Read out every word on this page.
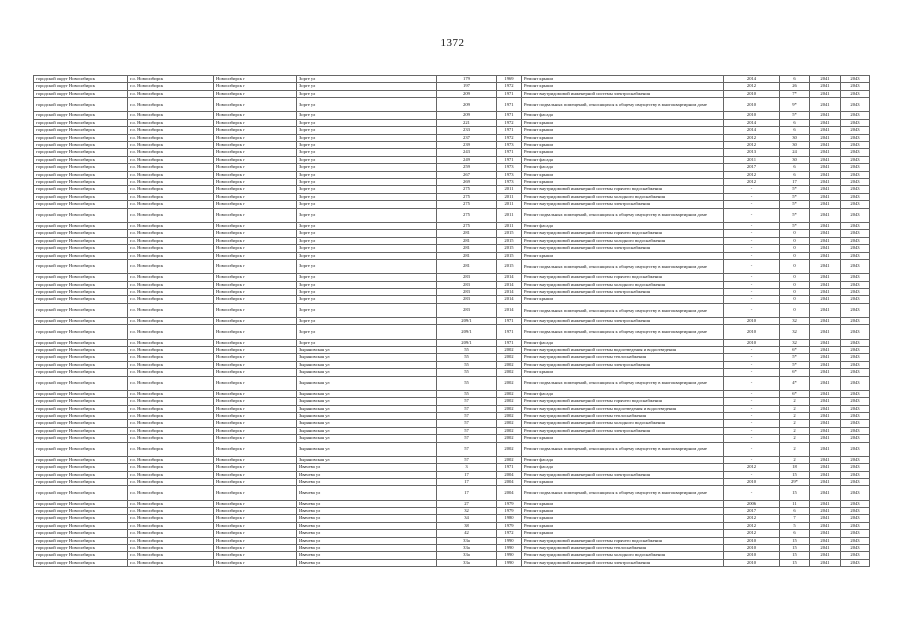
1372
городской округ Новосибирск	г.о. Новосибирск	Новосибирск г	Зорге ул	179	1969	Ремонт крыши	2014	6	2041	2043
городской округ Новосибирск	г.о. Новосибирск	Новосибирск г	Зорге ул	197	1972	Ремонт крыши	2012	26	2041	2043
городской округ Новосибирск	г.о. Новосибирск	Новосибирск г	Зорге ул	209	1971	Ремонт внутридомовой инженерной системы электроснабжения	2010	7*	2041	2043
городской округ Новосибирск	г.о. Новосибирск	Новосибирск г	Зорге ул	209	1971	Ремонт подвальных помещений, относящихся к общему имуществу в многоквартирном доме	2010	9*	2041	2043
городской округ Новосибирск	г.о. Новосибирск	Новосибирск г	Зорге ул	209	1971	Ремонт фасада	2010	5*	2041	2043
городской округ Новосибирск	г.о. Новосибирск	Новосибирск г	Зорге ул	221	1972	Ремонт крыши	2014	6	2041	2043
городской округ Новосибирск	г.о. Новосибирск	Новосибирск г	Зорге ул	233	1971	Ремонт крыши	2014	6	2041	2043
городской округ Новосибирск	г.о. Новосибирск	Новосибирск г	Зорге ул	237	1972	Ремонт крыши	2012	30	2041	2043
городской округ Новосибирск	г.о. Новосибирск	Новосибирск г	Зорге ул	239	1973	Ремонт крыши	2012	30	2041	2043
городской округ Новосибирск	г.о. Новосибирск	Новосибирск г	Зорге ул	243	1971	Ремонт крыши	2013	24	2041	2043
городской округ Новосибирск	г.о. Новосибирск	Новосибирск г	Зорге ул	249	1971	Ремонт фасада	2011	30	2041	2043
городской округ Новосибирск	г.о. Новосибирск	Новосибирск г	Зорге ул	259	1973	Ремонт фасада	2017	6	2041	2043
городской округ Новосибирск	г.о. Новосибирск	Новосибирск г	Зорге ул	267	1973	Ремонт крыши	2012	6	2041	2043
городской округ Новосибирск	г.о. Новосибирск	Новосибирск г	Зорге ул	269	1973	Ремонт крыши	2012	17	2041	2043
городской округ Новосибирск	г.о. Новосибирск	Новосибирск г	Зорге ул	275	2011	Ремонт внутридомовой инженерной системы горячего водоснабжения	-	5*	2041	2043
городской округ Новосибирск	г.о. Новосибирск	Новосибирск г	Зорге ул	275	2011	Ремонт внутридомовой инженерной системы холодного водоснабжения	-	5*	2041	2043
городской округ Новосибирск	г.о. Новосибирск	Новосибирск г	Зорге ул	275	2011	Ремонт внутридомовой инженерной системы электроснабжения	-	5*	2041	2043
городской округ Новосибирск	г.о. Новосибирск	Новосибирск г	Зорге ул	275	2011	Ремонт подвальных помещений, относящихся к общему имуществу в многоквартирном доме	-	5*	2041	2043
городской округ Новосибирск	г.о. Новосибирск	Новосибирск г	Зорге ул	275	2011	Ремонт фасада	-	5*	2041	2043
городской округ Новосибирск	г.о. Новосибирск	Новосибирск г	Зорге ул	281	2015	Ремонт внутридомовой инженерной системы горячего водоснабжения	-	0	2041	2043
городской округ Новосибирск	г.о. Новосибирск	Новосибирск г	Зорге ул	281	2015	Ремонт внутридомовой инженерной системы холодного водоснабжения	-	0	2041	2043
городской округ Новосибирск	г.о. Новосибирск	Новосибирск г	Зорге ул	281	2015	Ремонт внутридомовой инженерной системы электроснабжения	-	0	2041	2043
городской округ Новосибирск	г.о. Новосибирск	Новосибирск г	Зорге ул	281	2015	Ремонт крыши	-	0	2041	2043
городской округ Новосибирск	г.о. Новосибирск	Новосибирск г	Зорге ул	281	2015	Ремонт подвальных помещений, относящихся к общему имуществу в многоквартирном доме	-	0	2041	2043
городской округ Новосибирск	г.о. Новосибирск	Новосибирск г	Зорге ул	283	2014	Ремонт внутридомовой инженерной системы горячего водоснабжения	-	0	2041	2043
городской округ Новосибирск	г.о. Новосибирск	Новосибирск г	Зорге ул	283	2014	Ремонт внутридомовой инженерной системы холодного водоснабжения	-	0	2041	2043
городской округ Новосибирск	г.о. Новосибирск	Новосибирск г	Зорге ул	283	2014	Ремонт внутридомовой инженерной системы электроснабжения	-	0	2041	2043
городской округ Новосибирск	г.о. Новосибирск	Новосибирск г	Зорге ул	283	2014	Ремонт крыши	-	0	2041	2043
городской округ Новосибирск	г.о. Новосибирск	Новосибирск г	Зорге ул	283	2014	Ремонт подвальных помещений, относящихся к общему имуществу в многоквартирном доме	-	0	2041	2043
городской округ Новосибирск	г.о. Новосибирск	Новосибирск г	Зорге ул	209/1	1971	Ремонт внутридомовой инженерной системы электроснабжения	2010	32	2041	2043
городской округ Новосибирск	г.о. Новосибирск	Новосибирск г	Зорге ул	209/1	1971	Ремонт подвальных помещений, относящихся к общему имуществу в многоквартирном доме	2010	32	2041	2043
городской округ Новосибирск	г.о. Новосибирск	Новосибирск г	Зорге ул	209/1	1971	Ремонт фасада	2010	32	2041	2043
городской округ Новосибирск	г.о. Новосибирск	Новосибирск г	Зыряновская ул	55	2002	Ремонт внутридомовой инженерной системы водоотведения и водоотведения	-	6*	2041	2043
городской округ Новосибирск	г.о. Новосибирск	Новосибирск г	Зыряновская ул	55	2002	Ремонт внутридомовой инженерной системы теплоснабжения	-	5*	2041	2043
городской округ Новосибирск	г.о. Новосибирск	Новосибирск г	Зыряновская ул	55	2002	Ремонт внутридомовой инженерной системы электроснабжения	-	5*	2041	2043
городской округ Новосибирск	г.о. Новосибирск	Новосибирск г	Зыряновская ул	55	2002	Ремонт крыши	-	6*	2041	2043
городской округ Новосибирск	г.о. Новосибирск	Новосибирск г	Зыряновская ул	55	2002	Ремонт подвальных помещений, относящихся к общему имуществу в многоквартирном доме	-	4*	2041	2043
городской округ Новосибирск	г.о. Новосибирск	Новосибирск г	Зыряновская ул	55	2002	Ремонт фасада	-	6*	2041	2043
городской округ Новосибирск	г.о. Новосибирск	Новосибирск г	Зыряновская ул	57	2002	Ремонт внутридомовой инженерной системы горячего водоснабжения	-	2	2041	2043
городской округ Новосибирск	г.о. Новосибирск	Новосибирск г	Зыряновская ул	57	2002	Ремонт внутридомовой инженерной системы водоотведения и водоотведения	-	2	2041	2043
городской округ Новосибирск	г.о. Новосибирск	Новосибирск г	Зыряновская ул	57	2002	Ремонт внутридомовой инженерной системы теплоснабжения	-	2	2041	2043
городской округ Новосибирск	г.о. Новосибирск	Новосибирск г	Зыряновская ул	57	2002	Ремонт внутридомовой инженерной системы холодного водоснабжения	-	2	2041	2043
городской округ Новосибирск	г.о. Новосибирск	Новосибирск г	Зыряновская ул	57	2002	Ремонт внутридомовой инженерной системы электроснабжения	-	2	2041	2043
городской округ Новосибирск	г.о. Новосибирск	Новосибирск г	Зыряновская ул	57	2002	Ремонт крыши	-	2	2041	2043
городской округ Новосибирск	г.о. Новосибирск	Новосибирск г	Зыряновская ул	57	2002	Ремонт подвальных помещений, относящихся к общему имуществу в многоквартирном доме	-	2	2041	2043
городской округ Новосибирск	г.о. Новосибирск	Новосибирск г	Зыряновская ул	57	2002	Ремонт фасада	-	2	2041	2043
городской округ Новосибирск	г.о. Новосибирск	Новосибирск г	Ивачева ул	3	1971	Ремонт фасада	2012	18	2041	2043
городской округ Новосибирск	г.о. Новосибирск	Новосибирск г	Ивачева ул	17	2004	Ремонт внутридомовой инженерной системы электроснабжения	-	15	2041	2043
городской округ Новосибирск	г.о. Новосибирск	Новосибирск г	Ивачева ул	17	2004	Ремонт крыши	2010	29*	2041	2043
городской округ Новосибирск	г.о. Новосибирск	Новосибирск г	Ивачева ул	17	2004	Ремонт подвальных помещений, относящихся к общему имуществу в многоквартирном доме	-	15	2041	2043
городской округ Новосибирск	г.о. Новосибирск	Новосибирск г	Ивачева ул	27	1979	Ремонт крыши	2006	11	2041	2043
городской округ Новосибирск	г.о. Новосибирск	Новосибирск г	Ивачева ул	32	1979	Ремонт крыши	2017	6	2041	2043
городской округ Новосибирск	г.о. Новосибирск	Новосибирск г	Ивачева ул	34	1980	Ремонт крыши	2012	7	2041	2043
городской округ Новосибирск	г.о. Новосибирск	Новосибирск г	Ивачева ул	38	1979	Ремонт крыши	2012	5	2041	2043
городской округ Новосибирск	г.о. Новосибирск	Новосибирск г	Ивачева ул	42	1972	Ремонт крыши	2012	6	2041	2043
городской округ Новосибирск	г.о. Новосибирск	Новосибирск г	Ивачева ул	33а	1990	Ремонт внутридомовой инженерной системы горячего водоснабжения	2010	15	2041	2043
городской округ Новосибирск	г.о. Новосибирск	Новосибирск г	Ивачева ул	33а	1990	Ремонт внутридомовой инженерной системы теплоснабжения	2010	15	2041	2043
городской округ Новосибирск	г.о. Новосибирск	Новосибирск г	Ивачева ул	33а	1990	Ремонт внутридомовой инженерной системы холодного водоснабжения	2010	15	2041	2043
городской округ Новосибирск	г.о. Новосибирск	Новосибирск г	Ивачева ул	33а	1990	Ремонт внутридомовой инженерной системы электроснабжения	2010	15	2041	2043
